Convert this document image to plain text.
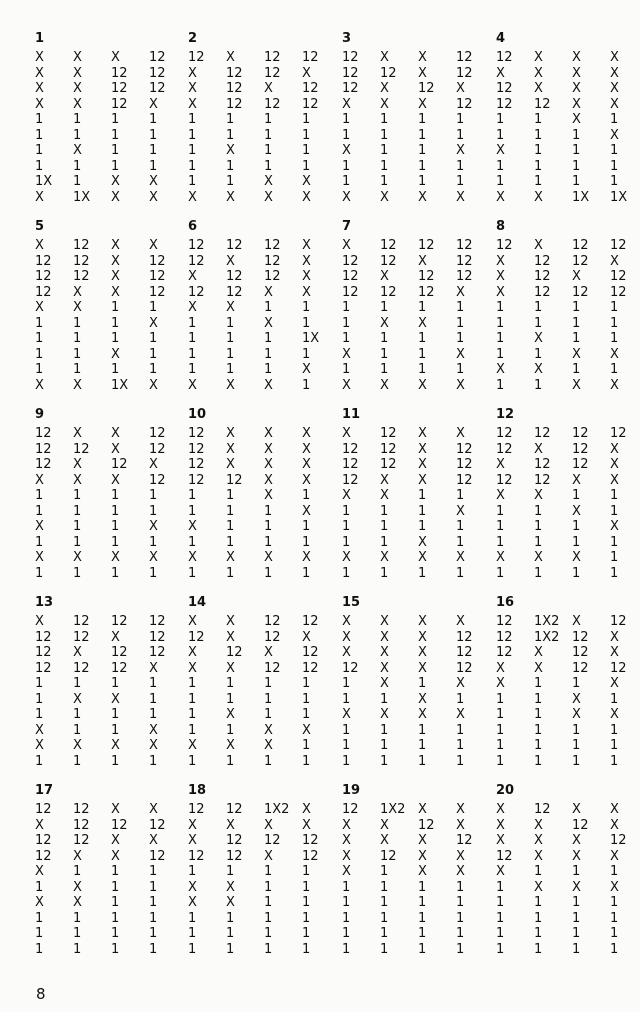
1
X X X 12
X X 12 12
X X 12 12
X X 12 X
1 1 1 1
1 1 1 1
1 X 1 1
1 1 1 1
1X 1 X X
X 1X X X
2
12 X 12 12
X 12 12 X
X 12 X 12
X 12 12 12
1 1 1 1
1 1 1 1
1 X 1 1
1 1 1 1
1 1 X X
X X X X
3
12 X X 12
12 12 X 12
12 X 12 X
X X X 12
1 1 1 1
1 1 1 1
X 1 1 X
1 1 1 1
1 1 1 1
X X X X
4
12 X X X
X X X X
12 X X X
12 12 X X
1 1 X 1
1 1 1 X
X 1 1 1
1 1 1 1
1 1 1 1
X X 1X 1X
5
X 12 X X
12 12 X 12
12 12 X 12
12 X X 12
X X 1 1
1 1 1 X
1 1 1 1
1 1 X 1
1 1 1 1
X X 1X X
6
12 12 12 X
12 X 12 X
X 12 12 X
12 12 X X
X X 1 1
1 1 X 1
1 1 1 1X
1 1 1 1
1 1 1 X
X X X 1
7
X 12 12 12
12 12 X 12
12 X 12 12
12 12 12 X
1 1 1 1
1 X X 1
1 1 1 1
X 1 1 X
1 1 1 1
X X X X
8
12 X 12 12
X 12 12 X
X 12 X 12
X 12 12 12
1 1 1 1
1 1 1 1
1 X 1 1
1 1 X X
X X 1 1
1 1 X X
9
12 X X 12
12 12 X 12
12 X 12 X
X X X 12
1 1 1 1
1 1 1 1
X 1 1 X
1 1 1 1
X X X X
1 1 1 1
10
12 X X X
12 X X X
12 X X X
12 12 X X
1 1 X 1
1 1 1 X
X 1 1 1
1 1 1 1
X X X X
1 1 1 1
11
X 12 X X
12 12 X 12
12 12 X 12
12 X X 12
X X 1 1
1 1 1 X
1 1 1 1
1 1 X 1
X X X X
1 1 1 1
12
12 12 12 12
12 X 12 X
X 12 12 X
12 12 X X
X X 1 1
1 1 X 1
1 1 1 X
1 1 1 1
X X X 1
1 1 1 1
13
X 12 12 12
12 12 X 12
12 X 12 12
12 12 12 X
1 1 1 1
1 X X 1
1 1 1 1
X 1 1 X
X X X X
1 1 1 1
14
X X 12 12
12 X 12 X
X 12 X 12
X X 12 12
1 1 1 1
1 1 1 1
1 X 1 1
1 1 X X
X X X 1
1 1 1 1
15
X X X X
X X X 12
X X X 12
12 X X 12
1 X 1 X
1 1 X 1
X X X X
1 1 1 1
1 1 1 1
1 1 1 1
16
12 1X2 X 12
12 1X2 12 X
12 X 12 X
X X 12 12
X 1 1 X
1 1 X 1
1 1 X X
1 1 1 1
1 1 1 1
1 1 1 1
17
12 12 X X
X 12 12 12
12 12 X X
12 X X 12
X 1 1 1
1 X 1 1
X X 1 1
1 1 1 1
1 1 1 1
1 1 1 1
18
12 12 1X2 X
X X X X
X 12 12 12
12 12 X 12
1 1 1 1
X X 1 1
X X 1 1
1 1 1 1
1 1 1 1
1 1 1 1
19
12 1X2 X X
X X 12 X
X X X 12
X 12 X X
X 1 X X
1 1 1 1
1 1 1 1
1 1 1 1
1 1 1 1
1 1 1 1
20
X 12 X X
X X 12 X
X X X 12
12 X X X
X 1 1 1
1 X X X
1 1 1 1
1 1 1 1
1 1 1 1
1 1 1 1
8
